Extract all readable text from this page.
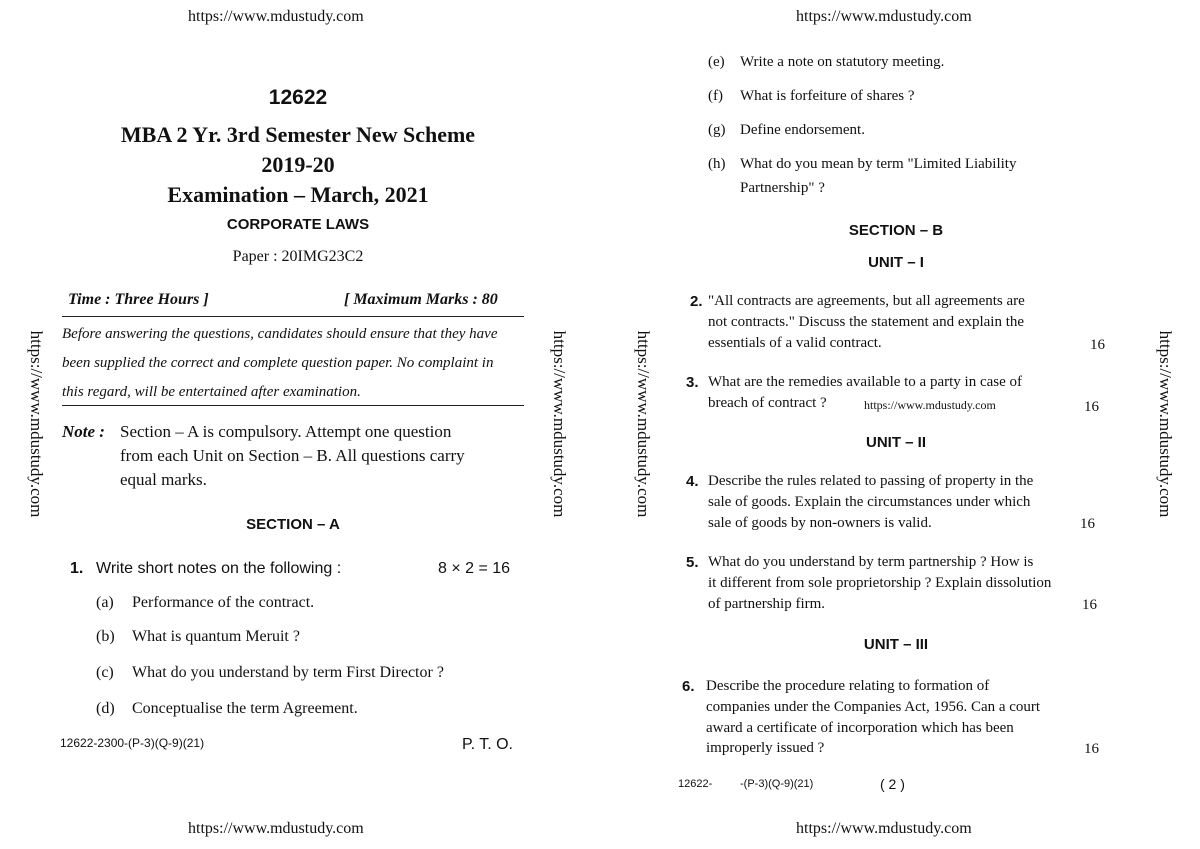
https://www.mdustudy.com	https://www.mdustudy.com
https://www.mdustudy.com	https://www.mdustudy.com	https://www.mdustudy.com	https://www.mdustudy.com
12622
MBA 2 Yr. 3rd Semester New Scheme
2019-20
Examination – March, 2021
CORPORATE LAWS
Paper : 20IMG23C2
Time : Three Hours ]	[ Maximum Marks : 80
Before answering the questions, candidates should ensure that they have
been supplied the correct and complete question paper. No complaint in
this regard, will be entertained after examination.
Note : Section – A is compulsory. Attempt one question
from each Unit on Section – B. All questions carry
equal marks.
SECTION – A
1. Write short notes on the following :	8 × 2 = 16
(a) Performance of the contract.
(b) What is quantum Meruit ?
(c) What do you understand by term First Director ?
(d) Conceptualise the term Agreement.
12622-2300-(P-3)(Q-9)(21)	P. T. O.
(e) Write a note on statutory meeting.
(f) What is forfeiture of shares ?
(g) Define endorsement.
(h) What do you mean by term "Limited Liability
Partnership" ?
SECTION – B
UNIT – I
2. "All contracts are agreements, but all agreements are
not contracts." Discuss the statement and explain the
essentials of a valid contract.	16
3. What are the remedies available to a party in case of
breach of contract ?	https://www.mdustudy.com	16
UNIT – II
4. Describe the rules related to passing of property in the
sale of goods. Explain the circumstances under which
sale of goods by non-owners is valid.	16
5. What do you understand by term partnership ? How is
it different from sole proprietorship ? Explain dissolution
of partnership firm.	16
UNIT – III
6. Describe the procedure relating to formation of
companies under the Companies Act, 1956. Can a court
award a certificate of incorporation which has been
improperly issued ?	16
12622-	-(P-3)(Q-9)(21)	( 2 )
https://www.mdustudy.com	https://www.mdustudy.com
